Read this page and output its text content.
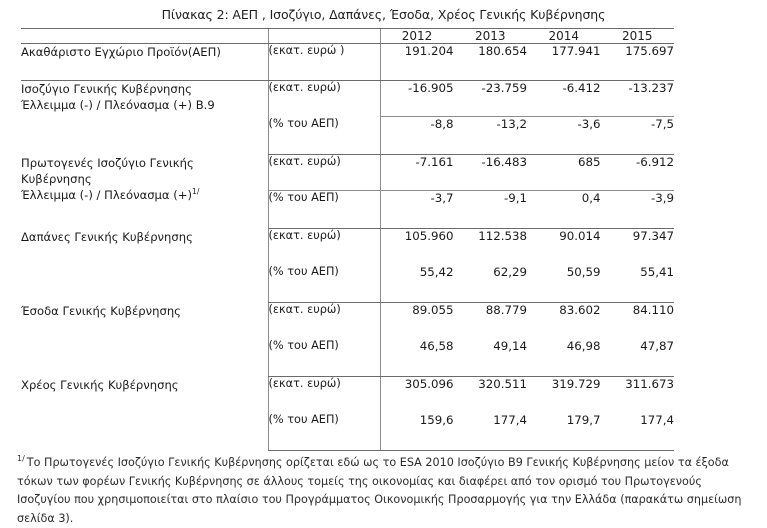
Πίνακας 2: ΑΕΠ , Ισοζύγιο, Δαπάνες, Έσοδα, Χρέος Γενικής Κυβέρνησης
		2012	2013	2014	2015
Ακαθάριστο Εγχώριο Προϊόν(ΑΕΠ)	(εκατ. ευρώ )	191.204	180.654	177.941	175.697
Ισοζύγιο Γενικής Κυβέρνησης
Έλλειμμα (-) / Πλεόνασμα (+) Β.9	(εκατ. ευρώ)	-16.905	-23.759	-6.412	-13.237
	(% του ΑΕΠ)	-8,8	-13,2	-3,6	-7,5
Πρωτογενές Ισοζύγιο Γενικής Κυβέρνησης
Έλλειμμα (-) / Πλεόνασμα $(+)^{1/}$	(εκατ. ευρώ)	-7.161	-16.483	685	-6.912
	(% του ΑΕΠ)	-3,7	-9,1	0,4	-3,9
Δαπάνες Γενικής Κυβέρνησης	(εκατ. ευρώ)	105.960	112.538	90.014	97.347
	(% του ΑΕΠ)	55,42	62,29	50,59	55,41
Έσοδα Γενικής Κυβέρνησης	(εκατ. ευρώ)	89.055	88.779	83.602	84.110
	(% του ΑΕΠ)	46,58	49,14	46,98	47,87
Χρέος Γενικής Κυβέρνησης	(εκατ. ευρώ)	305.096	320.511	319.729	311.673
	(% του ΑΕΠ)	159,6	177,4	179,7	177,4

$^{1/}$ Το Πρωτογενές Ισοζύγιο Γενικής Κυβέρνησης ορίζεται εδώ ως το ESA 2010 Ισοζύγιο B9 Γενικής Κυβέρνησης μείον τα έξοδα τόκων των φορέων Γενικής Κυβέρνησης σε άλλους τομείς της οικονομίας και διαφέρει από τον ορισμό του Πρωτογενούς Ισοζυγίου που χρησιμοποιείται στο πλαίσιο του Προγράμματος Οικονομικής Προσαρμογής για την Ελλάδα (παρακάτω σημείωση σελίδα 3).
